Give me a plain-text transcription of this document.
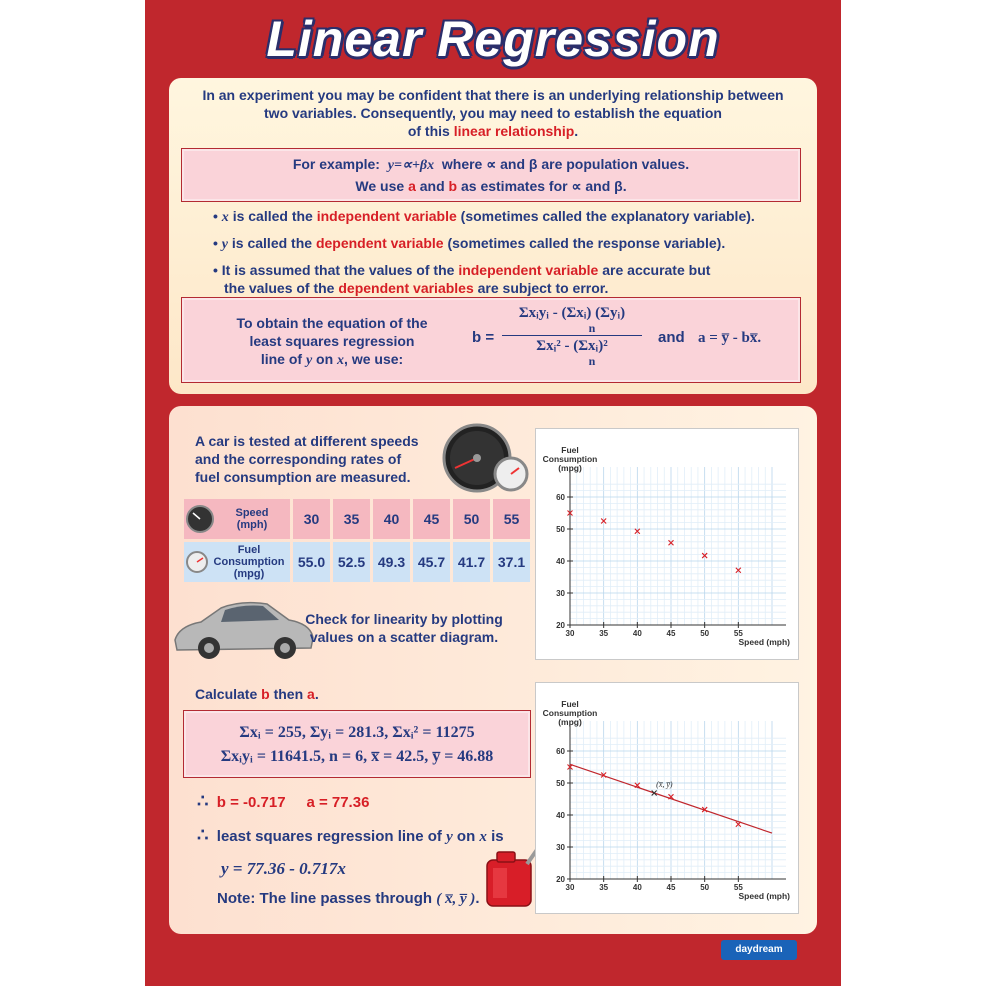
Linear Regression
In an experiment you may be confident that there is an underlying relationship between
two variables. Consequently, you may need to establish the equation
of this linear relationship.
For example: y=∝+βx where ∝ and β are population values.
We use a and b as estimates for ∝ and β.
• x is called the independent variable (sometimes called the explanatory variable).
• y is called the dependent variable (sometimes called the response variable).
• It is assumed that the values of the independent variable are accurate but
the values of the dependent variables are subject to error.
To obtain the equation of the
least squares regression
line of y on x, we use:
b =
Σxᵢyᵢ - (Σxᵢ) (Σyᵢ)
n
Σxᵢ² - (Σxᵢ)²
n
and a = y̅ - bx̅.
A car is tested at different speeds
and the corresponding rates of
fuel consumption are measured.
Speed
(mph)	30	35	40	45	50	55

Fuel
Consumption
(mpg)	55.0	52.5	49.3	45.7	41.7	37.1
Check for linearity by plotting
values on a scatter diagram.
Calculate b then a.
Σxᵢ = 255, Σyᵢ = 281.3, Σxᵢ² = 11275
Σxᵢyᵢ = 11641.5, n = 6, x̅ = 42.5, y̅ = 46.88
∴ b = -0.717 a = 77.36
∴ least squares regression line of y on x is
y = 77.36 - 0.717x
Note: The line passes through ( x̅, y̅ ).
30	35	40	45	50	55
20
30
40
50
60
Fuel
Consumption
(mpg)
Speed (mph)
30	35	40	45	50	55
20
30
40
50
60
Fuel
Consumption
(mpg)
Speed (mph)
(x̅, y̅)
daydream
